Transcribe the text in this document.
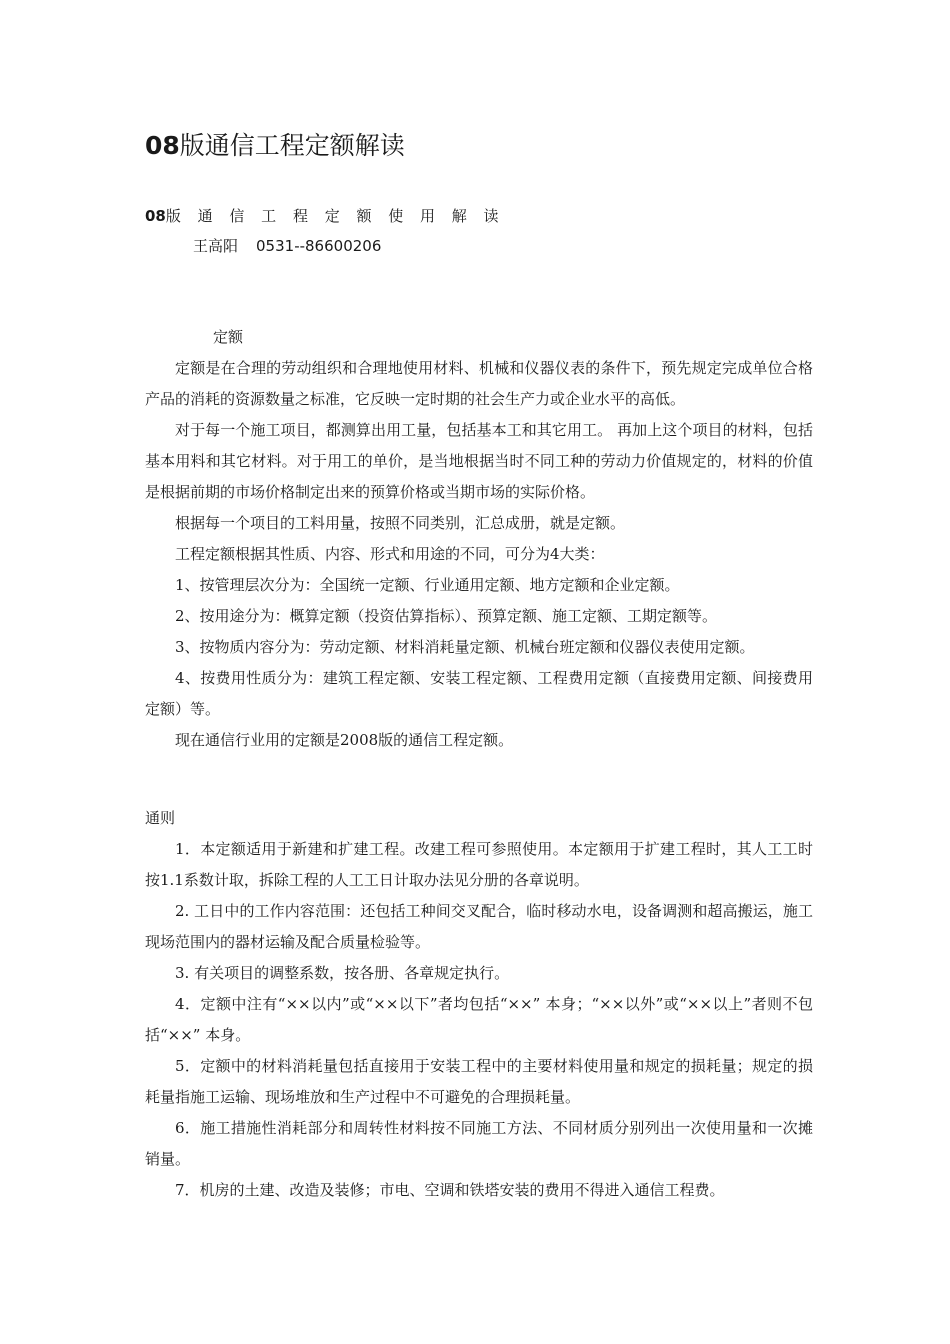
08版通信工程定额解读
08版 通 信 工 程 定 额 使 用 解 读
王高阳 0531--86600206

定额

定额是在合理的劳动组织和合理地使用材料、机械和仪器仪表的条件下，预先规定完成单位合格产品的消耗的资源数量之标准，它反映一定时期的社会生产力或企业水平的高低。

对于每一个施工项目，都测算出用工量，包括基本工和其它用工。 再加上这个项目的材料，包括基本用料和其它材料。对于用工的单价，是当地根据当时不同工种的劳动力价值规定的，材料的价值是根据前期的市场价格制定出来的预算价格或当期市场的实际价格。

根据每一个项目的工料用量，按照不同类别，汇总成册，就是定额。

工程定额根据其性质、内容、形式和用途的不同，可分为4大类：

1、按管理层次分为：全国统一定额、行业通用定额、地方定额和企业定额。

2、按用途分为：概算定额（投资估算指标）、预算定额、施工定额、工期定额等。

3、按物质内容分为：劳动定额、材料消耗量定额、机械台班定额和仪器仪表使用定额。

4、按费用性质分为：建筑工程定额、安装工程定额、工程费用定额（直接费用定额、间接费用定额）等。

现在通信行业用的定额是2008版的通信工程定额。

通则

1．本定额适用于新建和扩建工程。改建工程可参照使用。本定额用于扩建工程时，其人工工时按1.1系数计取，拆除工程的人工工日计取办法见分册的各章说明。

2. 工日中的工作内容范围：还包括工种间交叉配合，临时移动水电，设备调测和超高搬运，施工现场范围内的器材运输及配合质量检验等。

3. 有关项目的调整系数，按各册、各章规定执行。

4．定额中注有“××以内”或“××以下”者均包括“××” 本身；“××以外”或“××以上”者则不包括“××” 本身。

5．定额中的材料消耗量包括直接用于安装工程中的主要材料使用量和规定的损耗量；规定的损耗量指施工运输、现场堆放和生产过程中不可避免的合理损耗量。

6．施工措施性消耗部分和周转性材料按不同施工方法、不同材质分别列出一次使用量和一次摊销量。

7．机房的土建、改造及装修；市电、空调和铁塔安装的费用不得进入通信工程费。
